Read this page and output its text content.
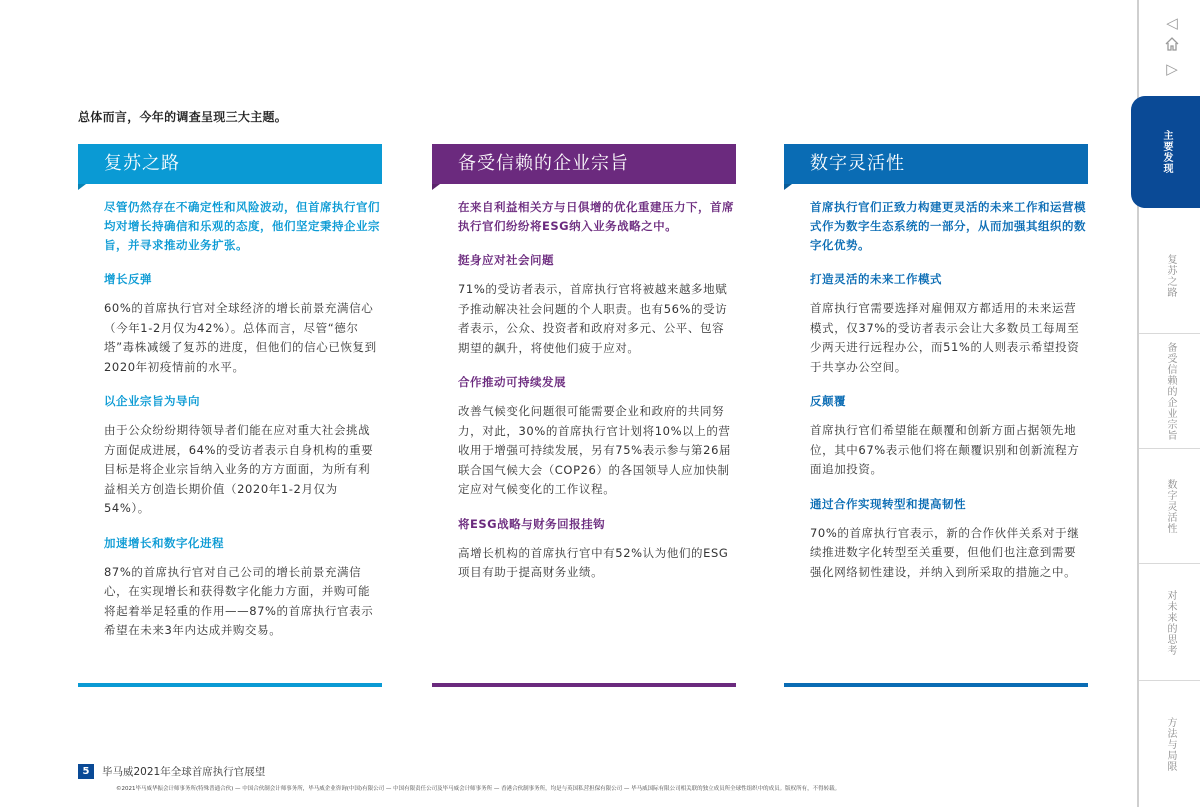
总体而言，今年的调查呈现三大主题。
复苏之路
尽管仍然存在不确定性和风险波动，但首席执行官们均对增长持确信和乐观的态度，他们坚定秉持企业宗旨，并寻求推动业务扩张。
增长反弹
60%的首席执行官对全球经济的增长前景充满信心（今年1-2月仅为42%）。总体而言，尽管“德尔塔”毒株减缓了复苏的进度，但他们的信心已恢复到2020年初疫情前的水平。
以企业宗旨为导向
由于公众纷纷期待领导者们能在应对重大社会挑战方面促成进展，64%的受访者表示自身机构的重要目标是将企业宗旨纳入业务的方方面面，为所有利益相关方创造长期价值（2020年1-2月仅为54%）。
加速增长和数字化进程
87%的首席执行官对自己公司的增长前景充满信心，在实现增长和获得数字化能力方面，并购可能将起着举足轻重的作用——87%的首席执行官表示希望在未来3年内达成并购交易。
备受信赖的企业宗旨
在来自利益相关方与日俱增的优化重建压力下，首席执行官们纷纷将ESG纳入业务战略之中。
挺身应对社会问题
71%的受访者表示，首席执行官将被越来越多地赋予推动解决社会问题的个人职责。也有56%的受访者表示，公众、投资者和政府对多元、公平、包容期望的飙升，将使他们疲于应对。
合作推动可持续发展
改善气候变化问题很可能需要企业和政府的共同努力，对此，30%的首席执行官计划将10%以上的营收用于增强可持续发展，另有75%表示参与第26届联合国气候大会（COP26）的各国领导人应加快制定应对气候变化的工作议程。
将ESG战略与财务回报挂钩
高增长机构的首席执行官中有52%认为他们的ESG项目有助于提高财务业绩。
数字灵活性
首席执行官们正致力构建更灵活的未来工作和运营模式作为数字生态系统的一部分，从而加强其组织的数字化优势。
打造灵活的未来工作模式
首席执行官需要选择对雇佣双方都适用的未来运营模式，仅37%的受访者表示会让大多数员工每周至少两天进行远程办公，而51%的人则表示希望投资于共享办公空间。
反颠覆
首席执行官们希望能在颠覆和创新方面占据领先地位，其中67%表示他们将在颠覆识别和创新流程方面追加投资。
通过合作实现转型和提高韧性
70%的首席执行官表示，新的合作伙伴关系对于继续推进数字化转型至关重要，但他们也注意到需要强化网络韧性建设，并纳入到所采取的措施之中。
◁
▷
主要发现
复苏之路
备受信赖的企业宗旨
数字灵活性
对未来的思考
方法与局限
5	毕马威2021年全球首席执行官展望
©2021毕马威华振会计师事务所(特殊普通合伙) — 中国合伙制会计师事务所，毕马威企业咨询(中国)有限公司 — 中国有限责任公司及毕马威会计师事务所 — 香港合伙制事务所，均是与英国私营担保有限公司 — 毕马威国际有限公司相关联的独立成员所全球性组织中的成员。版权所有，不得转载。
